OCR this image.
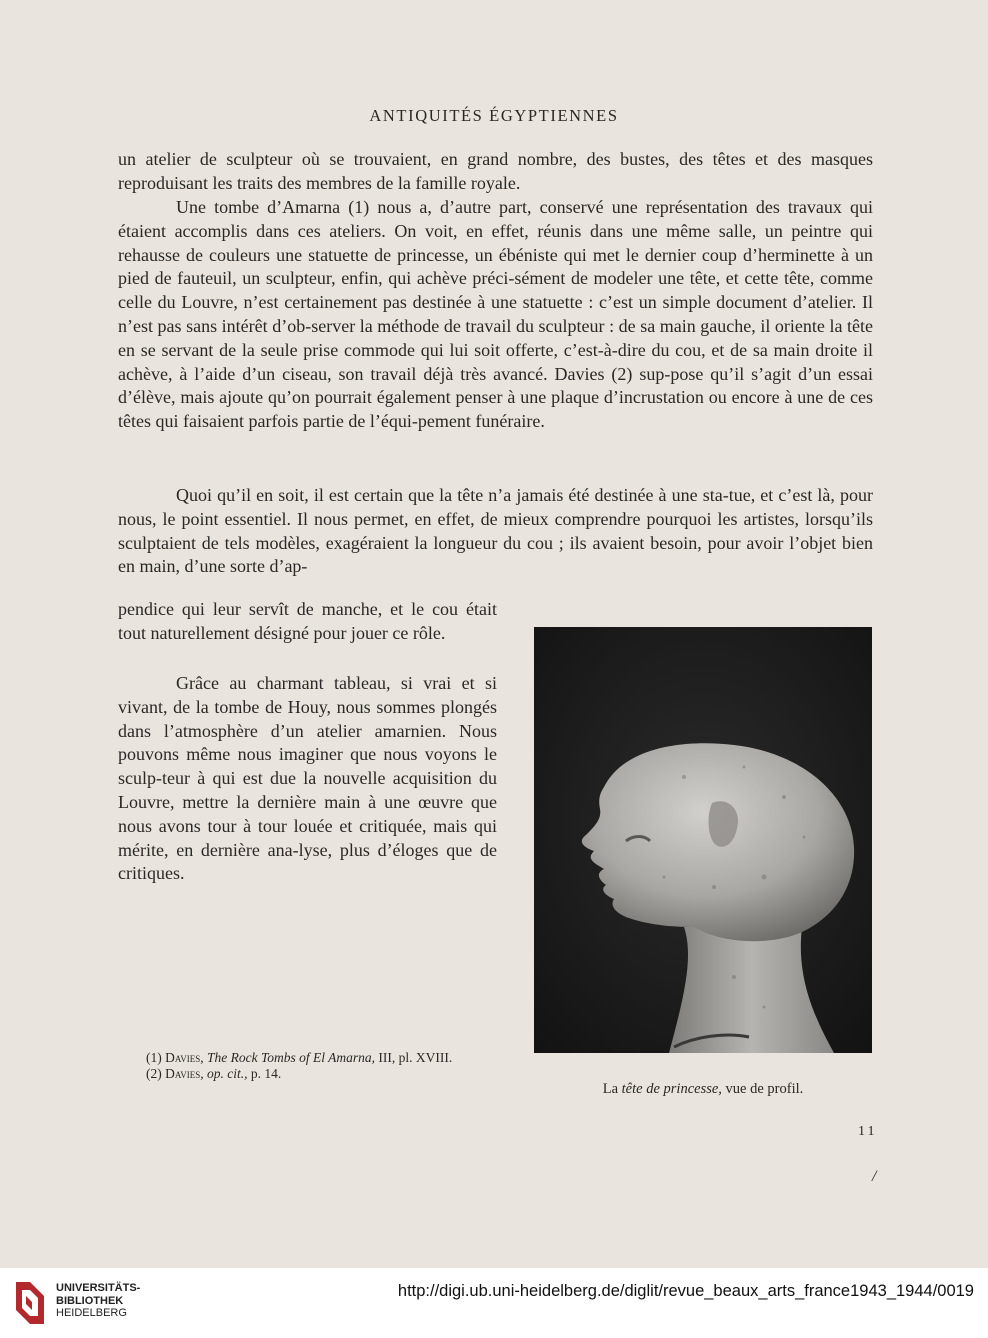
ANTIQUITÉS ÉGYPTIENNES

un atelier de sculpteur où se trouvaient, en grand nombre, des bustes, des têtes et des masques reproduisant les traits des membres de la famille royale.

Une tombe d’Amarna (1) nous a, d’autre part, conservé une représentation des travaux qui étaient accomplis dans ces ateliers. On voit, en effet, réunis dans une même salle, un peintre qui rehausse de couleurs une statuette de princesse, un ébéniste qui met le dernier coup d’herminette à un pied de fauteuil, un sculpteur, enfin, qui achève préci-sément de modeler une tête, et cette tête, comme celle du Louvre, n’est certainement pas destinée à une statuette : c’est un simple document d’atelier. Il n’est pas sans intérêt d’ob-server la méthode de travail du sculpteur : de sa main gauche, il oriente la tête en se servant de la seule prise commode qui lui soit offerte, c’est-à-dire du cou, et de sa main droite il achève, à l’aide d’un ciseau, son travail déjà très avancé. Davies (2) sup-pose qu’il s’agit d’un essai d’élève, mais ajoute qu’on pourrait également penser à une plaque d’incrustation ou encore à une de ces têtes qui faisaient parfois partie de l’équi-pement funéraire.

Quoi qu’il en soit, il est certain que la tête n’a jamais été destinée à une sta-tue, et c’est là, pour nous, le point essentiel. Il nous permet, en effet, de mieux comprendre pourquoi les artistes, lorsqu’ils sculptaient de tels modèles, exagéraient la longueur du cou ; ils avaient besoin, pour avoir l’objet bien en main, d’une sorte d’ap-

pendice qui leur servît de manche, et le cou était tout naturellement désigné pour jouer ce rôle.

Grâce au charmant tableau, si vrai et si vivant, de la tombe de Houy, nous sommes plongés dans l’atmosphère d’un atelier amarnien. Nous pouvons même nous imaginer que nous voyons le sculp-teur à qui est due la nouvelle acquisition du Louvre, mettre la dernière main à une œuvre que nous avons tour à tour louée et critiquée, mais qui mérite, en dernière ana-lyse, plus d’éloges que de critiques.

La tête de princesse, vue de profil.

(1) Davies, The Rock Tombs of El Amarna, III, pl. XVIII.

(2) Davies, op. cit., p. 14.

11
/
UNIVERSITÄTS-
BIBLIOTHEK
HEIDELBERG
http://digi.ub.uni-heidelberg.de/diglit/revue_beaux_arts_france1943_1944/0019
